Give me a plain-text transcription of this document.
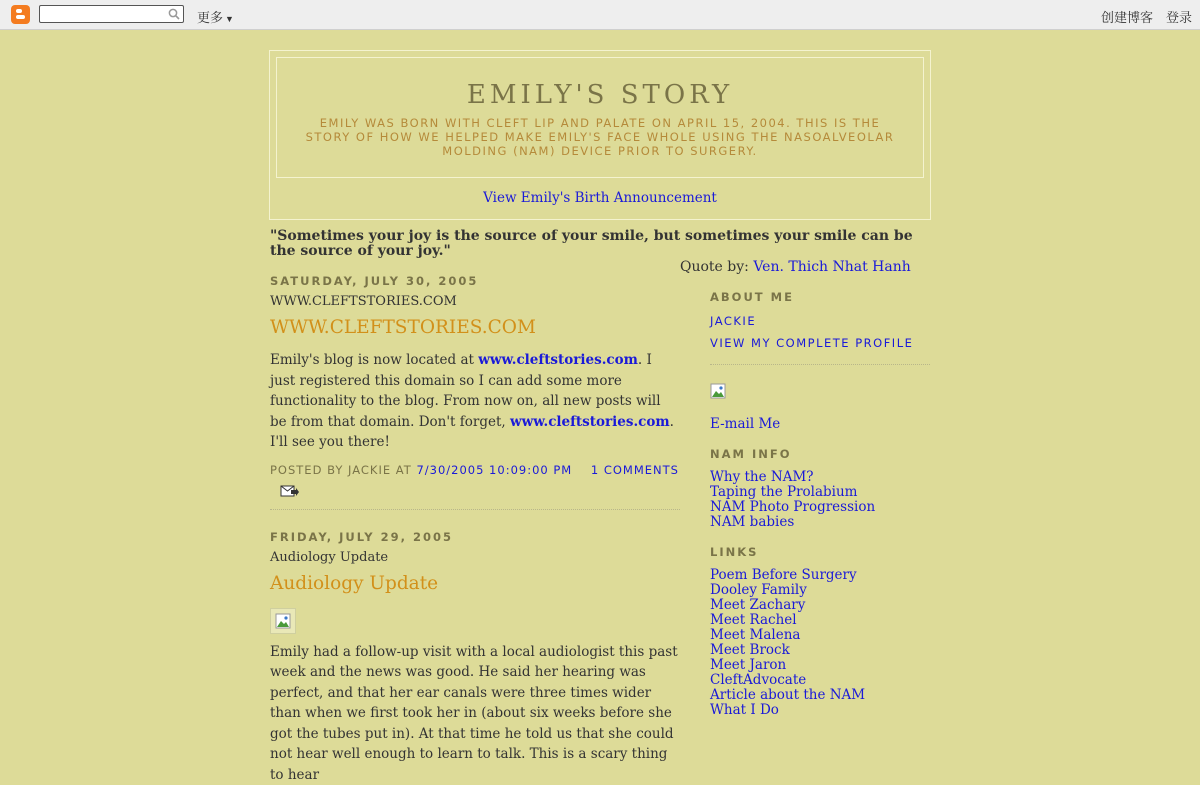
更多 ▼	创建博客 登录
EMILY'S STORY
EMILY WAS BORN WITH CLEFT LIP AND PALATE ON APRIL 15, 2004. THIS IS THE STORY OF HOW WE HELPED MAKE EMILY'S FACE WHOLE USING THE NASOALVEOLAR MOLDING (NAM) DEVICE PRIOR TO SURGERY.
View Emily's Birth Announcement
"Sometimes your joy is the source of your smile, but sometimes your smile can be the source of your joy."
Quote by: Ven. Thich Nhat Hanh
SATURDAY, JULY 30, 2005
WWW.CLEFTSTORIES.COM
WWW.CLEFTSTORIES.COM
Emily's blog is now located at www.cleftstories.com. I just registered this domain so I can add some more functionality to the blog. From now on, all new posts will be from that domain. Don't forget, www.cleftstories.com. I'll see you there!
POSTED BY JACKIE AT 7/30/2005 10:09:00 PM 1 COMMENTS
FRIDAY, JULY 29, 2005
Audiology Update
Audiology Update
Emily had a follow-up visit with a local audiologist this past week and the news was good. He said her hearing was perfect, and that her ear canals were three times wider than when we first took her in (about six weeks before she got the tubes put in). At that time he told us that she could not hear well enough to learn to talk. This is a scary thing to hear
ABOUT ME
JACKIE
VIEW MY COMPLETE PROFILE
E-mail Me
NAM INFO
Why the NAM?
Taping the Prolabium
NAM Photo Progression
NAM babies
LINKS
Poem Before Surgery
Dooley Family
Meet Zachary
Meet Rachel
Meet Malena
Meet Brock
Meet Jaron
CleftAdvocate
Article about the NAM
What I Do
